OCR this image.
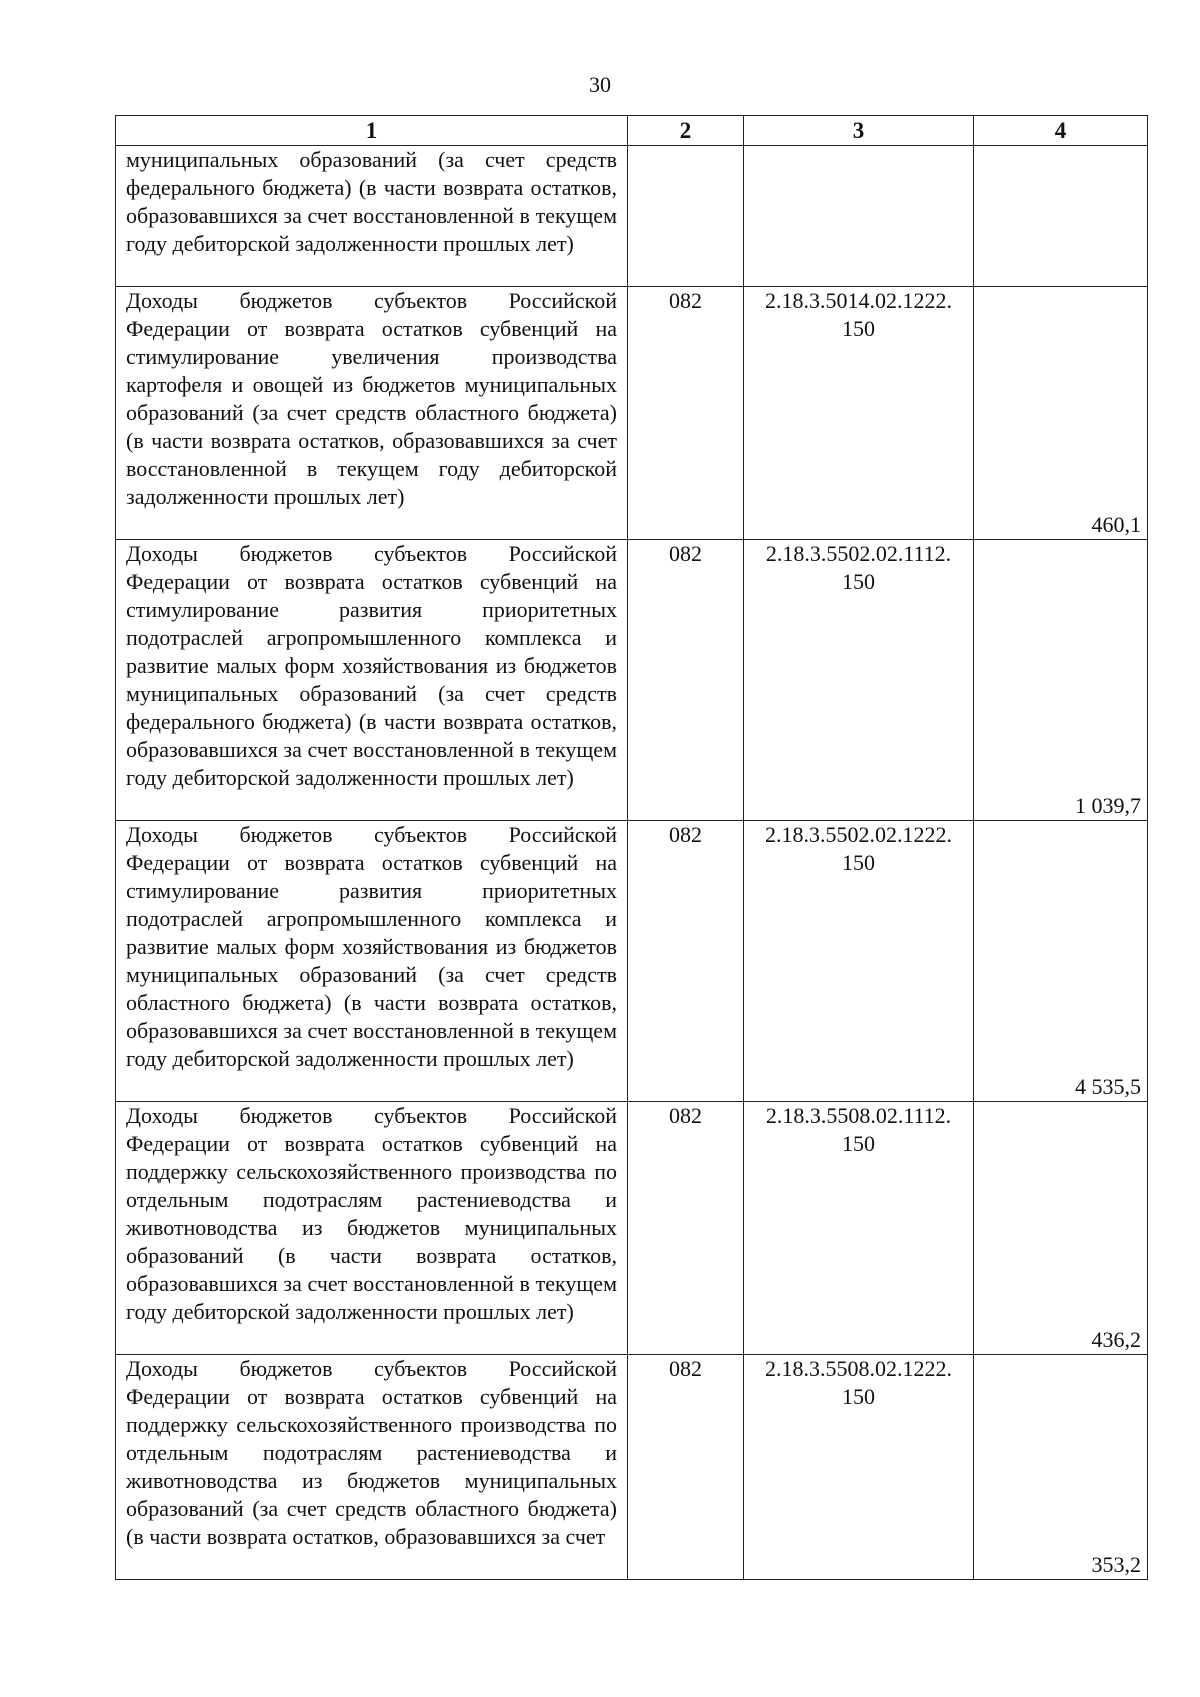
30
1	2	3	4

муниципальных образований (за счет средств федерального бюджета) (в части возврата остатков, образовавшихся за счет восстановленной в текущем году дебиторской задолженности прошлых лет)			

Доходы бюджетов субъектов Российской Федерации от возврата остатков субвенций на стимулирование увеличения производства картофеля и овощей из бюджетов муниципальных образований (за счет средств областного бюджета) (в части возврата остатков, образовавшихся за счет восстановленной в текущем году дебиторской задолженности прошлых лет)	082	2.18.3.5014.02.1222. 150	460,1

Доходы бюджетов субъектов Российской Федерации от возврата остатков субвенций на стимулирование развития приоритетных подотраслей агропромышленного комплекса и развитие малых форм хозяйствования из бюджетов муниципальных образований (за счет средств федерального бюджета) (в части возврата остатков, образовавшихся за счет восстановленной в текущем году дебиторской задолженности прошлых лет)	082	2.18.3.5502.02.1112. 150	1 039,7

Доходы бюджетов субъектов Российской Федерации от возврата остатков субвенций на стимулирование развития приоритетных подотраслей агропромышленного комплекса и развитие малых форм хозяйствования из бюджетов муниципальных образований (за счет средств областного бюджета) (в части возврата остатков, образовавшихся за счет восстановленной в текущем году дебиторской задолженности прошлых лет)	082	2.18.3.5502.02.1222. 150	4 535,5

Доходы бюджетов субъектов Российской Федерации от возврата остатков субвенций на поддержку сельскохозяйственного производства по отдельным подотраслям растениеводства и животноводства из бюджетов муниципальных образований (в части возврата остатков, образовавшихся за счет восстановленной в текущем году дебиторской задолженности прошлых лет)	082	2.18.3.5508.02.1112. 150	436,2

Доходы бюджетов субъектов Российской Федерации от возврата остатков субвенций на поддержку сельскохозяйственного производства по отдельным подотраслям растениеводства и животноводства из бюджетов муниципальных образований (за счет средств областного бюджета) (в части возврата остатков, образовавшихся за счет	082	2.18.3.5508.02.1222. 150	353,2
